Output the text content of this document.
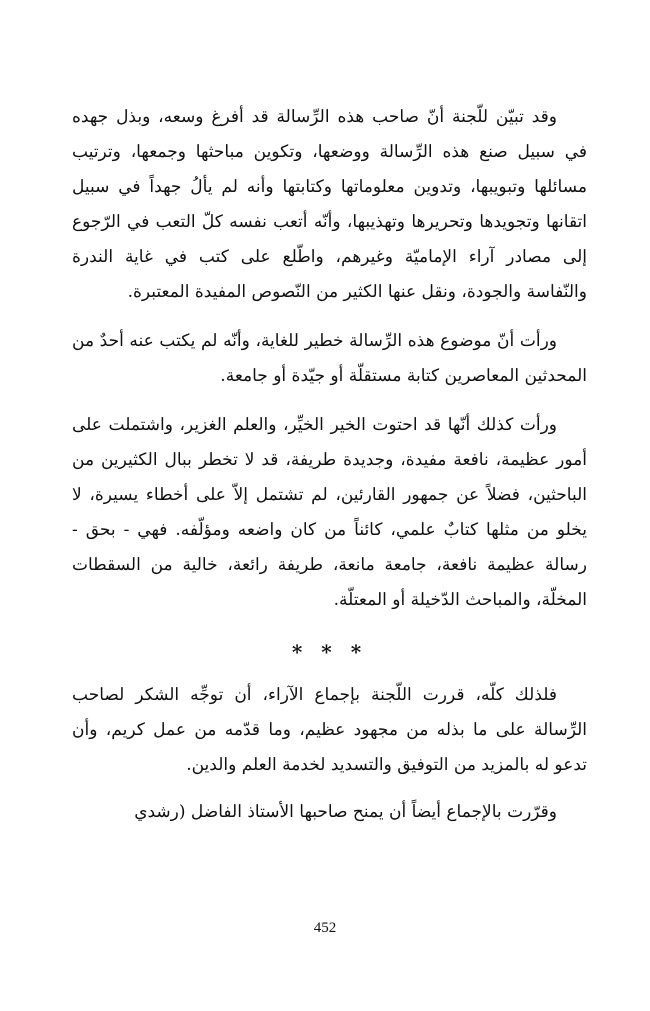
وقد تبيّن للّجنة أنّ صاحب هذه الرِّسالة قد أفرغ وسعه، وبذل جهده في سبيل صنع هذه الرِّسالة ووضعها، وتكوين مباحثها وجمعها، وترتيب مسائلها وتبويبها، وتدوين معلوماتها وكتابتها وأنه لم يألُ جهداً في سبيل اتقانها وتجويدها وتحريرها وتهذيبها، وأنّه أتعب نفسه كلّ التعب في الرّجوع إلى مصادر آراء الإماميّة وغيرهم، واطّلع على كتب في غاية الندرة والنّفاسة والجودة، ونقل عنها الكثير من النّصوص المفيدة المعتبرة.

ورأت أنّ موضوع هذه الرِّسالة خطير للغاية، وأنّه لم يكتب عنه أحدٌ من المحدثين المعاصرين كتابة مستقلّة أو جيّدة أو جامعة.

ورأت كذلك أنّها قد احتوت الخير الخيِّر، والعلم الغزير، واشتملت على أمور عظيمة، نافعة مفيدة، وجديدة طريفة، قد لا تخطر ببال الكثيرين من الباحثين، فضلاً عن جمهور القارئين، لم تشتمل إلاّ على أخطاء يسيرة، لا يخلو من مثلها كتابٌ علمي، كائناً من كان واضعه ومؤلّفه. فهي - بحق - رسالة عظيمة نافعة، جامعة مانعة، طريفة رائعة، خالية من السقطات المخلّة، والمباحث الدّخيلة أو المعتلّة.

* * *

فلذلك كلّه، قررت اللّجنة بإجماع الآراء، أن توجِّه الشكر لصاحب الرِّسالة على ما بذله من مجهود عظيم، وما قدّمه من عمل كريم، وأن تدعو له بالمزيد من التوفيق والتسديد لخدمة العلم والدين.

وقرّرت بالإجماع أيضاً أن يمنح صاحبها الأستاذ الفاضل (رشدي

452
